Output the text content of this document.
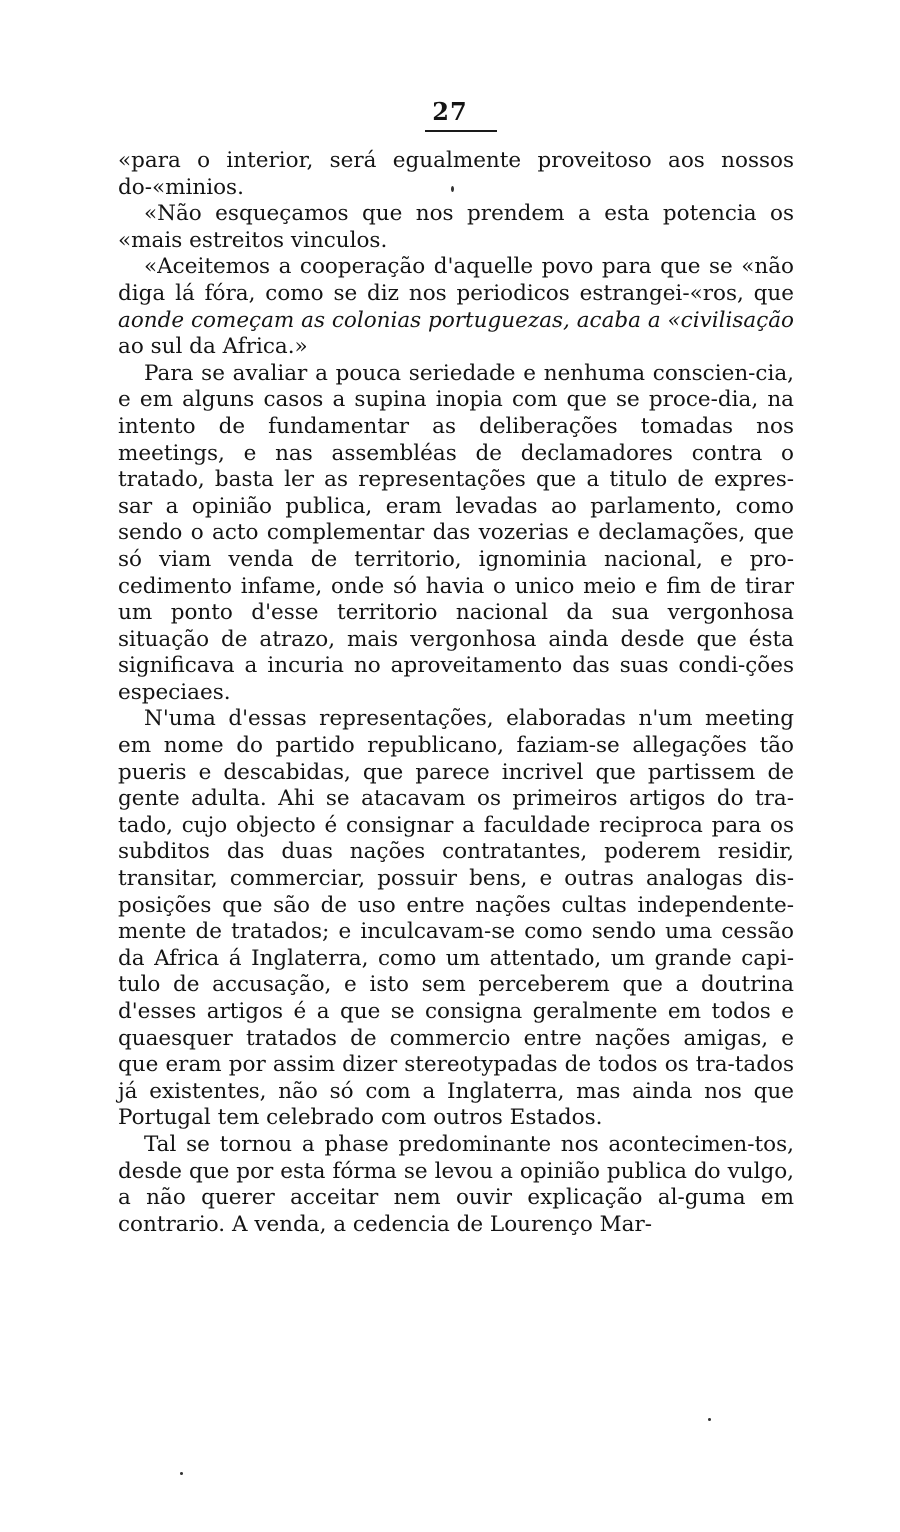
27

«para o interior, será egualmente proveitoso aos nossos do-«minios.

«Não esqueçamos que nos prendem a esta potencia os «mais estreitos vinculos.

«Aceitemos a cooperação d'aquelle povo para que se «não diga lá fóra, como se diz nos periodicos estrangei-«ros, que aonde começam as colonias portuguezas, acaba a «civilisação ao sul da Africa.»

Para se avaliar a pouca seriedade e nenhuma conscien-cia, e em alguns casos a supina inopia com que se proce-dia, na intento de fundamentar as deliberações tomadas nos meetings, e nas assembléas de declamadores contra o tratado, basta ler as representações que a titulo de expres-sar a opinião publica, eram levadas ao parlamento, como sendo o acto complementar das vozerias e declamações, que só viam venda de territorio, ignominia nacional, e pro-cedimento infame, onde só havia o unico meio e fim de tirar um ponto d'esse territorio nacional da sua vergonhosa situação de atrazo, mais vergonhosa ainda desde que ésta significava a incuria no aproveitamento das suas condi-ções especiaes.

N'uma d'essas representações, elaboradas n'um meeting em nome do partido republicano, faziam-se allegações tão pueris e descabidas, que parece incrivel que partissem de gente adulta. Ahi se atacavam os primeiros artigos do tra-tado, cujo objecto é consignar a faculdade reciproca para os subditos das duas nações contratantes, poderem residir, transitar, commerciar, possuir bens, e outras analogas dis-posições que são de uso entre nações cultas independente-mente de tratados; e inculcavam-se como sendo uma cessão da Africa á Inglaterra, como um attentado, um grande capi-tulo de accusação, e isto sem perceberem que a doutrina d'esses artigos é a que se consigna geralmente em todos e quaesquer tratados de commercio entre nações amigas, e que eram por assim dizer stereotypadas de todos os tra-tados já existentes, não só com a Inglaterra, mas ainda nos que Portugal tem celebrado com outros Estados.

Tal se tornou a phase predominante nos acontecimen-tos, desde que por esta fórma se levou a opinião publica do vulgo, a não querer acceitar nem ouvir explicação al-guma em contrario. A venda, a cedencia de Lourenço Mar-
